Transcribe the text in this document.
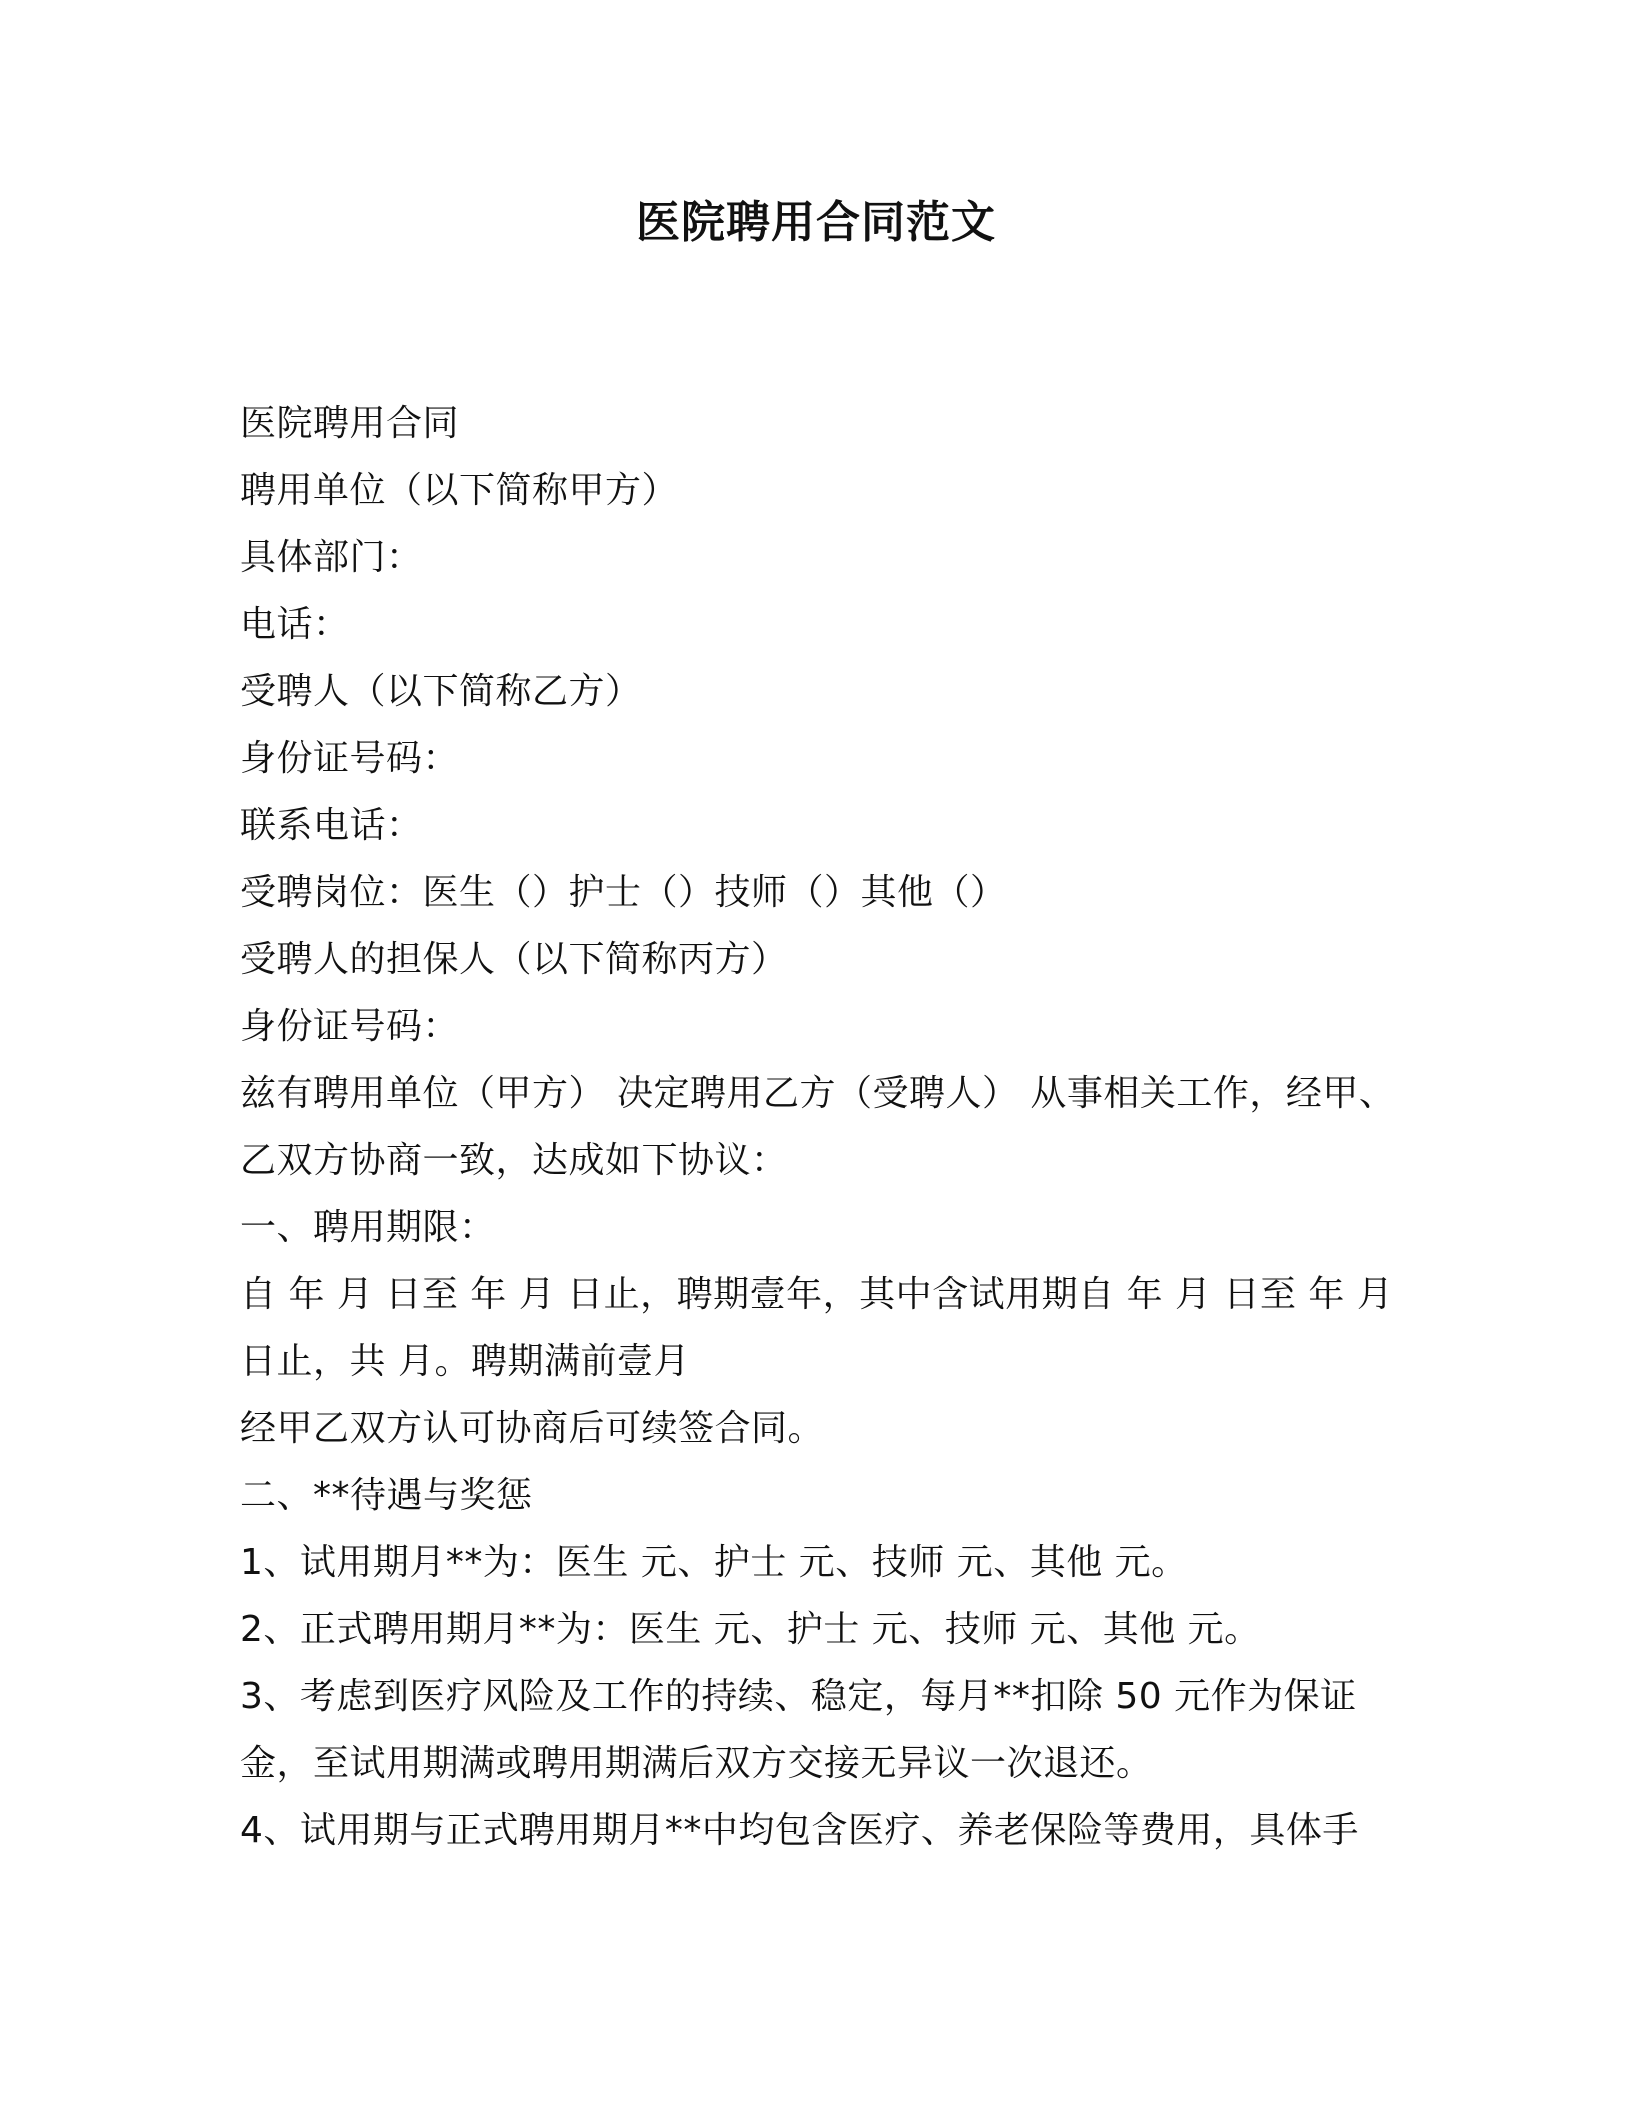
医院聘用合同范文
医院聘用合同
聘用单位（以下简称甲方）
具体部门：
电话：
受聘人（以下简称乙方）
身份证号码：
联系电话：
受聘岗位：医生（）护士（）技师（）其他（）
受聘人的担保人（以下简称丙方）
身份证号码：
兹有聘用单位（甲方） 决定聘用乙方（受聘人） 从事相关工作，经甲、
乙双方协商一致，达成如下协议：
一、聘用期限：
自 年 月 日至 年 月 日止，聘期壹年，其中含试用期自 年 月 日至 年 月
日止，共 月。聘期满前壹月
经甲乙双方认可协商后可续签合同。
二、**待遇与奖惩
1、试用期月**为：医生 元、护士 元、技师 元、其他 元。
2、正式聘用期月**为：医生 元、护士 元、技师 元、其他 元。
3、考虑到医疗风险及工作的持续、稳定，每月**扣除 50 元作为保证
金，至试用期满或聘用期满后双方交接无异议一次退还。
4、试用期与正式聘用期月**中均包含医疗、养老保险等费用，具体手
